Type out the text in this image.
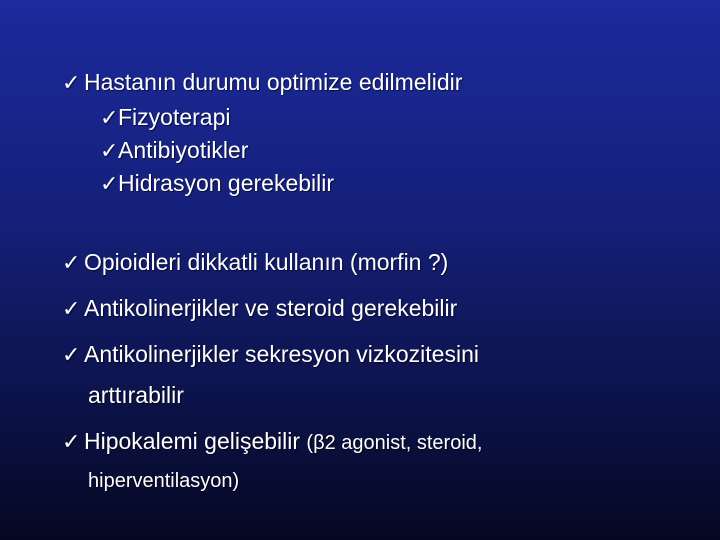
✓ Hastanın durumu optimize edilmelidir
✓Fizyoterapi
✓Antibiyotikler
✓Hidrasyon gerekebilir
✓ Opioidleri dikkatli kullanın (morfin ?)
✓ Antikolinerjikler ve steroid gerekebilir
✓ Antikolinerjikler sekresyon vizkozitesini
arttırabilir
✓ Hipokalemi gelişebilir (β2 agonist, steroid,
hiperventilasyon)
